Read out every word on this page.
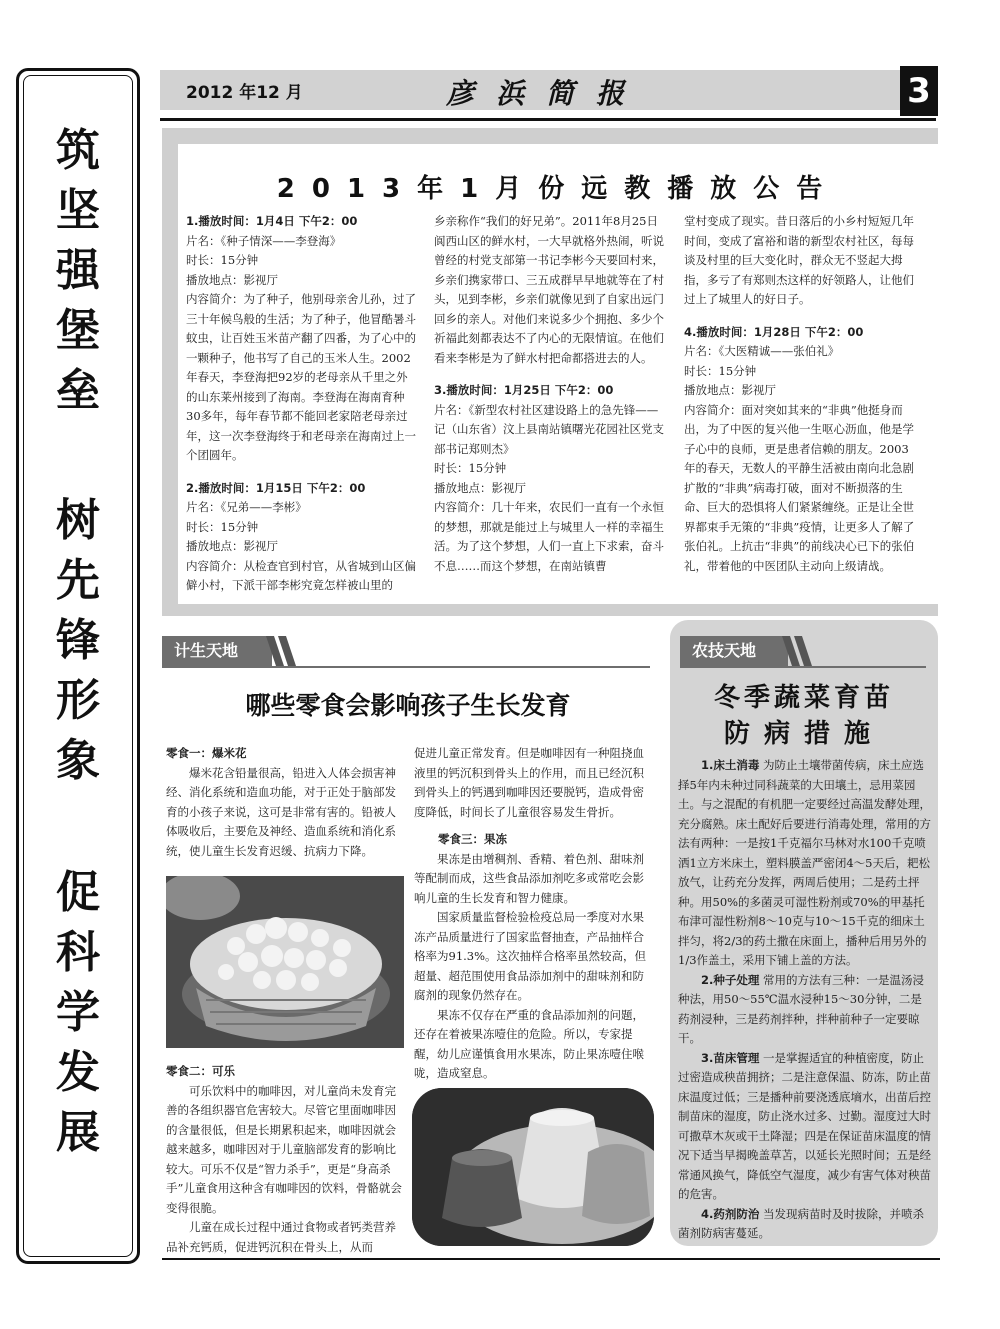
筑坚强堡垒
树先锋形象
促科学发展
2012 年12 月	彦浜简报	3
2013年1月份远教播放公告

1.播放时间：1月4日 下午2：00

片名：《种子情深——李登海》

时长：15分钟

播放地点：影视厅

内容简介：为了种子，他别母亲舍儿孙，过了三十年候鸟般的生活；为了种子，他冒酷暑斗蚊虫，让百姓玉米苗产翻了四番，为了心中的一颗种子，他书写了自己的玉米人生。2002年春天，李登海把92岁的老母亲从千里之外的山东莱州接到了海南。李登海在海南育种30多年，每年春节都不能回老家陪老母亲过年，这一次李登海终于和老母亲在海南过上一个团圆年。

2.播放时间：1月15日 下午2：00

片名：《兄弟——李彬》

时长：15分钟

播放地点：影视厅

内容简介：从检查官到村官，从省城到山区偏僻小村，下派干部李彬究竟怎样被山里的

乡亲称作“我们的好兄弟”。2011年8月25日阆西山区的鲜水村，一大早就格外热闹，听说曾经的村党支部第一书记李彬今天要回村来，乡亲们携家带口、三五成群早早地就等在了村头，见到李彬，乡亲们就像见到了自家出远门回乡的亲人。对他们来说多少个拥抱、多少个祈福此刻都表达不了内心的无限情谊。在他们看来李彬是为了鲜水村把命都搭进去的人。

3.播放时间：1月25日 下午2：00

片名：《新型农村社区建设路上的急先锋——记（山东省）汶上县南站镇曙光花园社区党支部书记郑则杰》

时长：15分钟

播放地点：影视厅

内容简介：几十年来，农民们一直有一个永恒的梦想，那就是能过上与城里人一样的幸福生活。为了这个梦想，人们一直上下求索，奋斗不息……而这个梦想，在南站镇曹

堂村变成了现实。昔日落后的小乡村短短几年时间，变成了富裕和谐的新型农村社区，每每谈及村里的巨大变化时，群众无不竖起大拇指，多亏了有郑则杰这样的好领路人，让他们过上了城里人的好日子。

4.播放时间：1月28日 下午2：00

片名：《大医精诚——张伯礼》

时长：15分钟

播放地点：影视厅

内容简介：面对突如其来的“非典”他挺身而出，为了中医的复兴他一生呕心沥血，他是学子心中的良师，更是患者信赖的朋友。2003年的春天，无数人的平静生活被由南向北急剧扩散的“非典”病毒打破，面对不断损落的生命、巨大的恐惧将人们紧紧缠绕。正是让全世界都束手无策的“非典”疫情，让更多人了解了张伯礼。上抗击“非典”的前线决心已下的张伯礼，带着他的中医团队主动向上级请战。

计生天地
哪些零食会影响孩子生长发育

零食一：爆米花

爆米花含铅量很高，铅进入人体会损害神经、消化系统和造血功能，对于正处于脑部发育的小孩子来说，这可是非常有害的。铅被人体吸收后，主要危及神经、造血系统和消化系统，使儿童生长发育迟缓、抗病力下降。

零食二：可乐

可乐饮料中的咖啡因，对儿童尚未发育完善的各组织器官危害较大。尽管它里面咖啡因的含量很低，但是长期累积起来，咖啡因就会越来越多，咖啡因对于儿童脑部发育的影响比较大。可乐不仅是“智力杀手”，更是“身高杀手”儿童食用这种含有咖啡因的饮料，骨骼就会变得很脆。

儿童在成长过程中通过食物或者钙类营养品补充钙质，促进钙沉积在骨头上，从而

促进儿童正常发育。但是咖啡因有一种阻挠血液里的钙沉积到骨头上的作用，而且已经沉积到骨头上的钙遇到咖啡因还要脱钙，造成骨密度降低，时间长了儿童很容易发生骨折。

零食三：果冻

果冻是由增稠剂、香精、着色剂、甜味剂等配制而成，这些食品添加剂吃多或常吃会影响儿童的生长发育和智力健康。

国家质量监督检验检疫总局一季度对水果冻产品质量进行了国家监督抽查，产品抽样合格率为91.3%。这次抽样合格率虽然较高，但超量、超范围使用食品添加剂中的甜味剂和防腐剂的现象仍然存在。

果冻不仅存在严重的食品添加剂的问题，还存在着被果冻噎住的危险。所以，专家提醒，幼儿应谨慎食用水果冻，防止果冻噎住喉咙，造成窒息。

农技天地
冬季蔬菜育苗
防病措施

1.床土消毒 为防止土壤带菌传病，床土应选择5年内未种过同科蔬菜的大田壤土，忌用菜园土。与之混配的有机肥一定要经过高温发酵处理，充分腐熟。床土配好后要进行消毒处理，常用的方法有两种：一是按1千克福尔马林对水100千克喷洒1立方米床土，塑料膜盖严密闭4～5天后，耙松放气，让药充分发挥，两周后使用；二是药土抨种。用50%的多菌灵可湿性粉剂或70%的甲基托布津可湿性粉剂8～10克与10～15千克的细床土拌匀，将2/3的药土撒在床面上，播种后用另外的1/3作盖土，采用下铺上盖的方法。

2.种子处理 常用的方法有三种：一是温汤浸种法，用50～55℃温水浸种15～30分钟，二是药剂浸种，三是药剂拌种，拌种前种子一定要晾干。

3.苗床管理 一是掌握适宜的种植密度，防止过密造成秧苗拥挤；二是注意保温、防冻，防止苗床温度过低；三是播种前要浇透底墒水，出苗后控制苗床的湿度，防止浇水过多、过勤。湿度过大时可撒草木灰或干土降湿；四是在保证苗床温度的情况下适当早揭晚盖草苫，以延长光照时间；五是经常通风换气，降低空气湿度，减少有害气体对秧苗的危害。

4.药剂防治 当发现病苗时及时拔除，并喷杀菌剂防病害蔓延。
